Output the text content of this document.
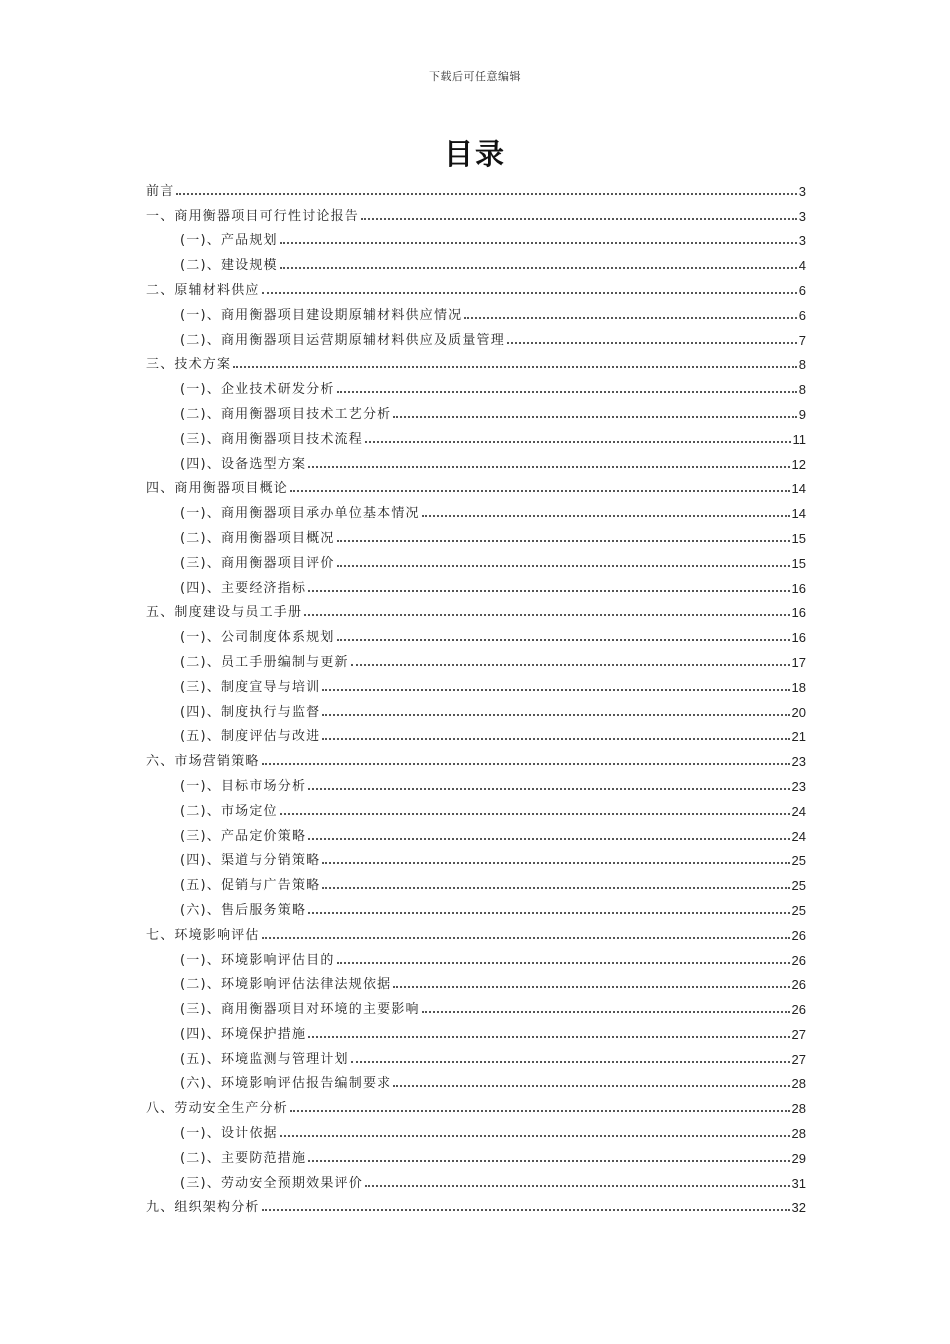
下载后可任意编辑
目录
前言	3
一、商用衡器项目可行性讨论报告	3
(一)、产品规划	3
(二)、建设规模	4
二、原辅材料供应	6
(一)、商用衡器项目建设期原辅材料供应情况	6
(二)、商用衡器项目运营期原辅材料供应及质量管理	7
三、技术方案	8
(一)、企业技术研发分析	8
(二)、商用衡器项目技术工艺分析	9
(三)、商用衡器项目技术流程	11
(四)、设备选型方案	12
四、商用衡器项目概论	14
(一)、商用衡器项目承办单位基本情况	14
(二)、商用衡器项目概况	15
(三)、商用衡器项目评价	15
(四)、主要经济指标	16
五、制度建设与员工手册	16
(一)、公司制度体系规划	16
(二)、员工手册编制与更新	17
(三)、制度宣导与培训	18
(四)、制度执行与监督	20
(五)、制度评估与改进	21
六、市场营销策略	23
(一)、目标市场分析	23
(二)、市场定位	24
(三)、产品定价策略	24
(四)、渠道与分销策略	25
(五)、促销与广告策略	25
(六)、售后服务策略	25
七、环境影响评估	26
(一)、环境影响评估目的	26
(二)、环境影响评估法律法规依据	26
(三)、商用衡器项目对环境的主要影响	26
(四)、环境保护措施	27
(五)、环境监测与管理计划	27
(六)、环境影响评估报告编制要求	28
八、劳动安全生产分析	28
(一)、设计依据	28
(二)、主要防范措施	29
(三)、劳动安全预期效果评价	31
九、组织架构分析	32
